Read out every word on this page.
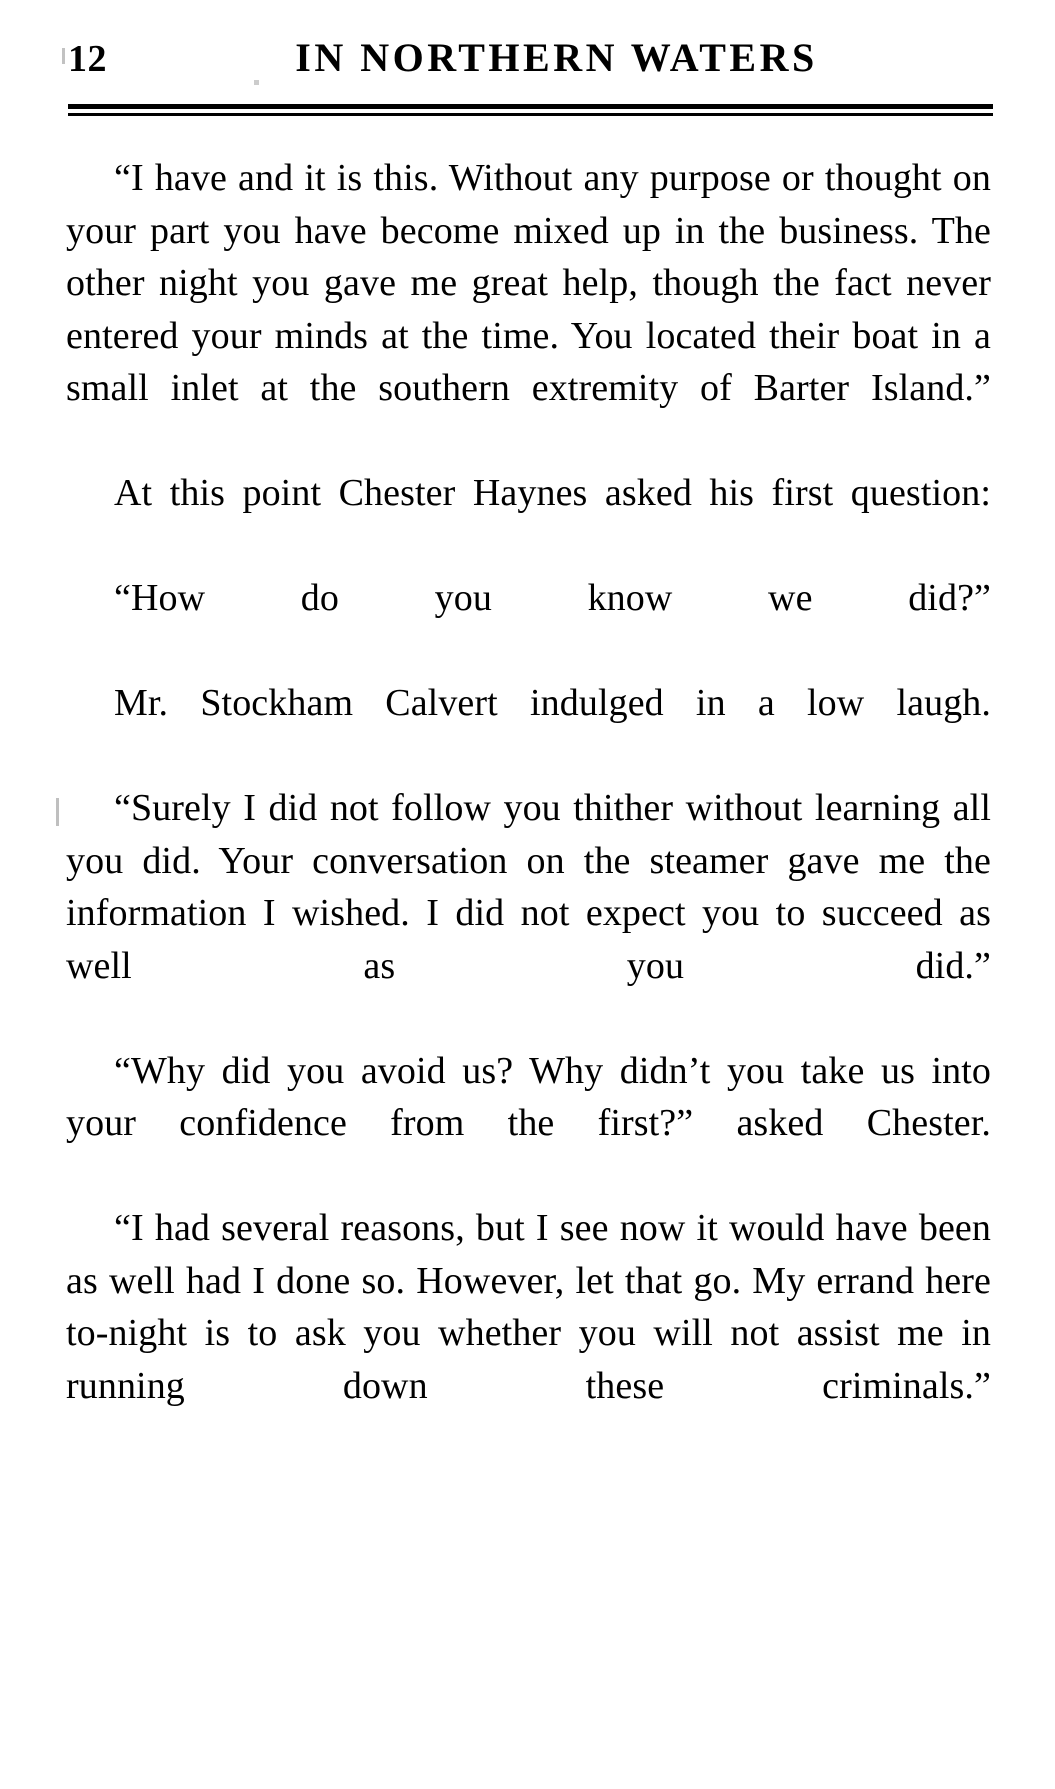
12	IN NORTHERN WATERS

“I have and it is this. Without any purpose or thought on your part you have become mixed up in the business. The other night you gave me great help, though the fact never entered your minds at the time. You located their boat in a small inlet at the southern extremity of Barter Island.”

At this point Chester Haynes asked his first question:

“How do you know we did?”

Mr. Stockham Calvert indulged in a low laugh.

“Surely I did not follow you thither without learning all you did. Your conversation on the steamer gave me the information I wished. I did not expect you to succeed as well as you did.”

“Why did you avoid us? Why didn’t you take us into your confidence from the first?” asked Chester.

“I had several reasons, but I see now it would have been as well had I done so. However, let that go. My errand here to-night is to ask you whether you will not assist me in running down these criminals.”
